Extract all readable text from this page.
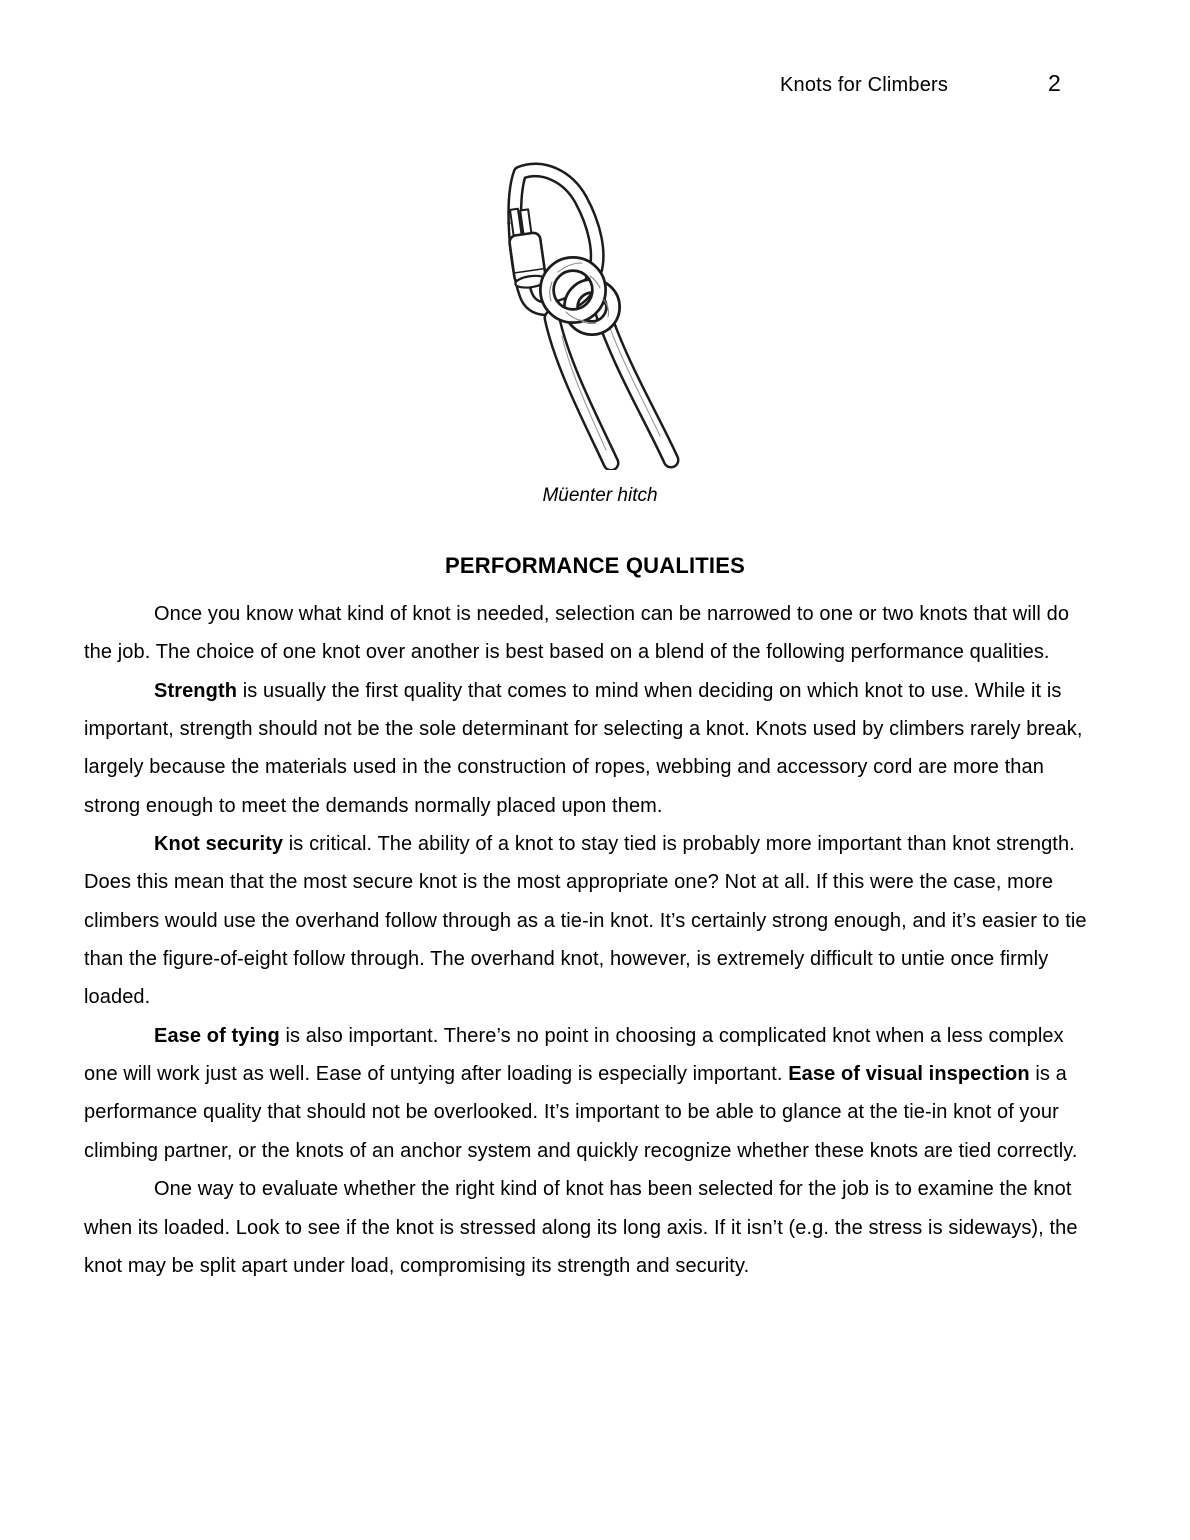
Knots for Climbers	2
Müenter hitch
PERFORMANCE QUALITIES

Once you know what kind of knot is needed, selection can be narrowed to one or two knots that will do the job. The choice of one knot over another is best based on a blend of the following performance qualities.

Strength is usually the first quality that comes to mind when deciding on which knot to use. While it is important, strength should not be the sole determinant for selecting a knot. Knots used by climbers rarely break, largely because the materials used in the construction of ropes, webbing and accessory cord are more than strong enough to meet the demands normally placed upon them.

Knot security is critical. The ability of a knot to stay tied is probably more important than knot strength. Does this mean that the most secure knot is the most appropriate one? Not at all. If this were the case, more climbers would use the overhand follow through as a tie-in knot. It’s certainly strong enough, and it’s easier to tie than the figure-of-eight follow through. The overhand knot, however, is extremely difficult to untie once firmly loaded.

Ease of tying is also important. There’s no point in choosing a complicated knot when a less complex one will work just as well. Ease of untying after loading is especially important. Ease of visual inspection is a performance quality that should not be overlooked. It’s important to be able to glance at the tie-in knot of your climbing partner, or the knots of an anchor system and quickly recognize whether these knots are tied correctly.

One way to evaluate whether the right kind of knot has been selected for the job is to examine the knot when its loaded. Look to see if the knot is stressed along its long axis. If it isn’t (e.g. the stress is sideways), the knot may be split apart under load, compromising its strength and security.
